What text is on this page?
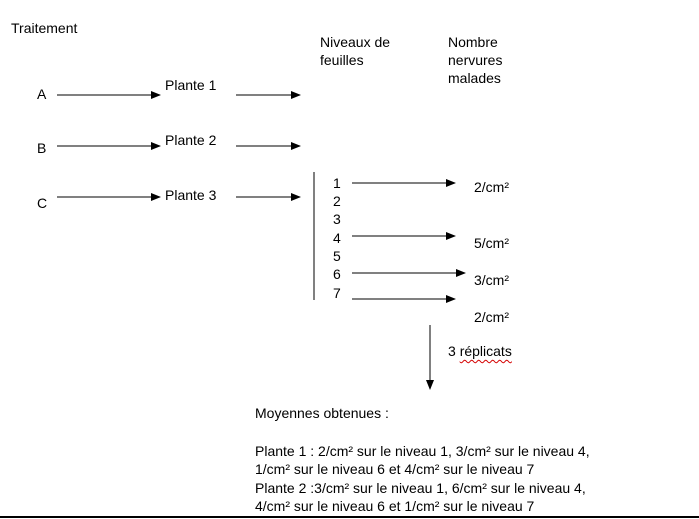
Traitement
Niveaux de
feuilles
Nombre
nervures
malades
A
B
C
Plante 1
Plante 2
Plante 3
1
2
3
4
5
6
7
2/cm²
5/cm²
3/cm²
2/cm²
3 réplicats
Moyennes obtenues :
Plante 1 : 2/cm² sur le niveau 1, 3/cm² sur le niveau 4,
1/cm² sur le niveau 6 et 4/cm² sur le niveau 7
Plante 2 :3/cm² sur le niveau 1, 6/cm² sur le niveau 4,
4/cm² sur le niveau 6 et 1/cm² sur le niveau 7
